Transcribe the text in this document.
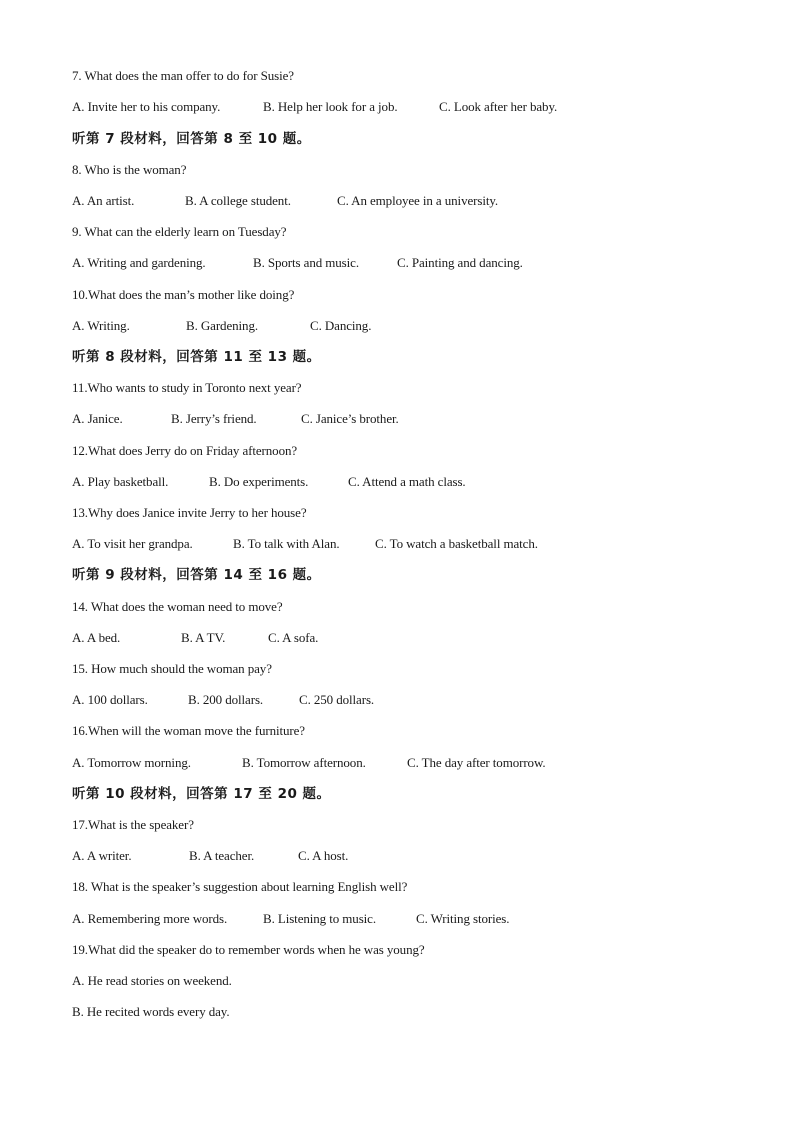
7. What does the man offer to do for Susie?
A. Invite her to his company.	B. Help her look for a job.	C. Look after her baby.
听第 7 段材料，回答第 8 至 10 题。
8. Who is the woman?
A. An artist.	B. A college student.	C. An employee in a university.
9. What can the elderly learn on Tuesday?
A. Writing and gardening.	B. Sports and music.	C. Painting and dancing.
10.What does the man’s mother like doing?
A. Writing.	B. Gardening.	C. Dancing.
听第 8 段材料，回答第 11 至 13 题。
11.Who wants to study in Toronto next year?
A. Janice.	B. Jerry’s friend.	C. Janice’s brother.
12.What does Jerry do on Friday afternoon?
A. Play basketball.	B. Do experiments.	C. Attend a math class.
13.Why does Janice invite Jerry to her house?
A. To visit her grandpa.	B. To talk with Alan.	C. To watch a basketball match.
听第 9 段材料，回答第 14 至 16 题。
14. What does the woman need to move?
A. A bed.	B. A TV.	C. A sofa.
15. How much should the woman pay?
A. 100 dollars.	B. 200 dollars.	C. 250 dollars.
16.When will the woman move the furniture?
A. Tomorrow morning.	B. Tomorrow afternoon.	C. The day after tomorrow.
听第 10 段材料，回答第 17 至 20 题。
17.What is the speaker?
A. A writer.	B. A teacher.	C. A host.
18. What is the speaker’s suggestion about learning English well?
A. Remembering more words.	B. Listening to music.	C. Writing stories.
19.What did the speaker do to remember words when he was young?
A. He read stories on weekend.
B. He recited words every day.
